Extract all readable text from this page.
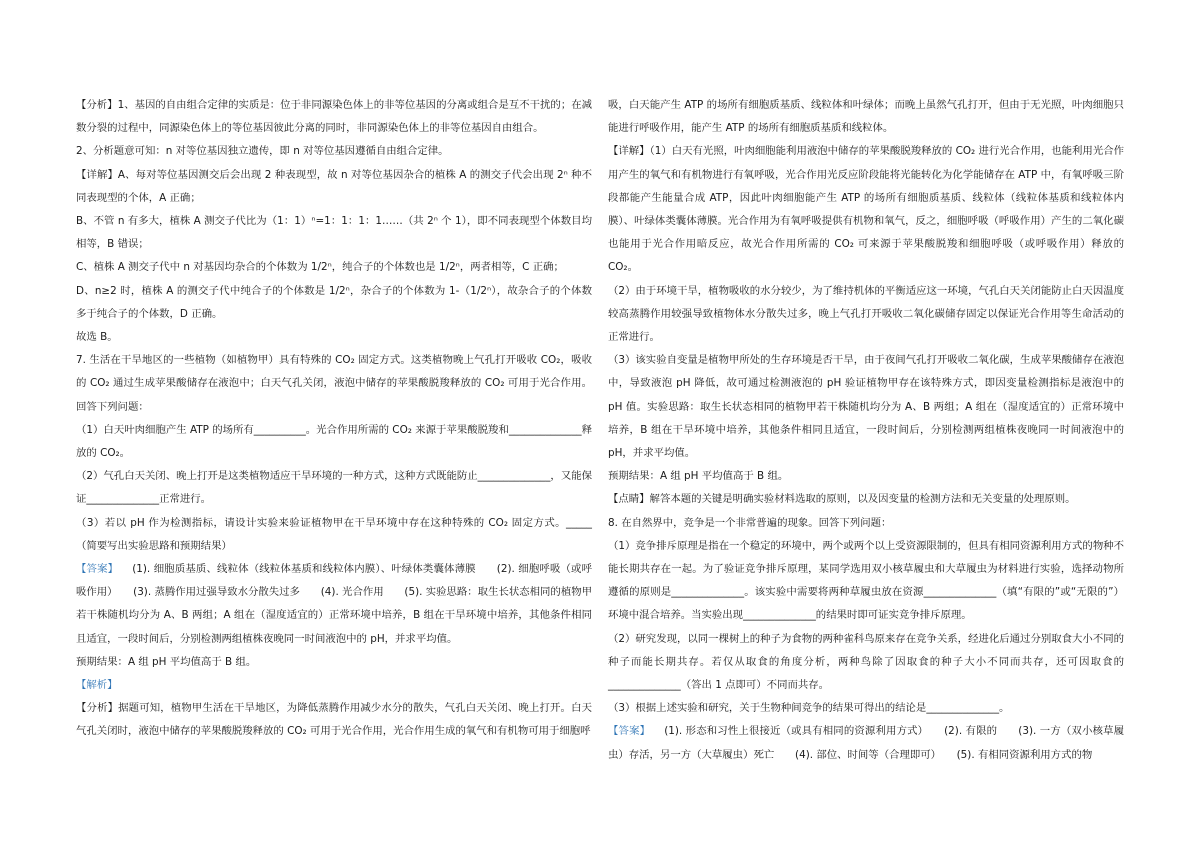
【分析】1、基因的自由组合定律的实质是：位于非同源染色体上的非等位基因的分离或组合是互不干扰的；在减数分裂的过程中，同源染色体上的等位基因彼此分离的同时，非同源染色体上的非等位基因自由组合。

2、分析题意可知：n 对等位基因独立遗传，即 n 对等位基因遵循自由组合定律。

【详解】A、每对等位基因测交后会出现 2 种表现型，故 n 对等位基因杂合的植株 A 的测交子代会出现 2ⁿ 种不同表现型的个体，A 正确；

B、不管 n 有多大，植株 A 测交子代比为（1：1）ⁿ=1：1：1：1……（共 2ⁿ 个 1），即不同表现型个体数目均相等，B 错误；

C、植株 A 测交子代中 n 对基因均杂合的个体数为 1/2ⁿ，纯合子的个体数也是 1/2ⁿ，两者相等，C 正确；

D、n≥2 时，植株 A 的测交子代中纯合子的个体数是 1/2ⁿ，杂合子的个体数为 1-（1/2ⁿ），故杂合子的个体数多于纯合子的个体数，D 正确。

故选 B。

7. 生活在干旱地区的一些植物（如植物甲）具有特殊的 CO₂ 固定方式。这类植物晚上气孔打开吸收 CO₂，吸收的 CO₂ 通过生成苹果酸储存在液泡中；白天气孔关闭，液泡中储存的苹果酸脱羧释放的 CO₂ 可用于光合作用。回答下列问题：

（1）白天叶肉细胞产生 ATP 的场所有__________。光合作用所需的 CO₂ 来源于苹果酸脱羧和______________释放的 CO₂。

（2）气孔白天关闭、晚上打开是这类植物适应干旱环境的一种方式，这种方式既能防止______________，又能保证______________正常进行。

（3）若以 pH 作为检测指标，请设计实验来验证植物甲在干旱环境中存在这种特殊的 CO₂ 固定方式。_____（简要写出实验思路和预期结果）

【答案】 (1). 细胞质基质、线粒体（线粒体基质和线粒体内膜）、叶绿体类囊体薄膜　　(2). 细胞呼吸（或呼吸作用）　　(3). 蒸腾作用过强导致水分散失过多　　(4). 光合作用　　(5). 实验思路：取生长状态相同的植物甲若干株随机均分为 A、B 两组；A 组在（湿度适宜的）正常环境中培养，B 组在干旱环境中培养，其他条件相同且适宜，一段时间后，分别检测两组植株夜晚同一时间液泡中的 pH，并求平均值。

预期结果：A 组 pH 平均值高于 B 组。

【解析】

【分析】据题可知，植物甲生活在干旱地区，为降低蒸腾作用减少水分的散失，气孔白天关闭、晚上打开。白天气孔关闭时，液泡中储存的苹果酸脱羧释放的 CO₂ 可用于光合作用，光合作用生成的氧气和有机物可用于细胞呼

吸，白天能产生 ATP 的场所有细胞质基质、线粒体和叶绿体；而晚上虽然气孔打开，但由于无光照，叶肉细胞只能进行呼吸作用，能产生 ATP 的场所有细胞质基质和线粒体。

【详解】（1）白天有光照，叶肉细胞能利用液泡中储存的苹果酸脱羧释放的 CO₂ 进行光合作用，也能利用光合作用产生的氧气和有机物进行有氧呼吸，光合作用光反应阶段能将光能转化为化学能储存在 ATP 中，有氧呼吸三阶段都能产生能量合成 ATP，因此叶肉细胞能产生 ATP 的场所有细胞质基质、线粒体（线粒体基质和线粒体内膜）、叶绿体类囊体薄膜。光合作用为有氧呼吸提供有机物和氧气，反之，细胞呼吸（呼吸作用）产生的二氧化碳也能用于光合作用暗反应，故光合作用所需的 CO₂ 可来源于苹果酸脱羧和细胞呼吸（或呼吸作用）释放的 CO₂。

（2）由于环境干旱，植物吸收的水分较少，为了维持机体的平衡适应这一环境，气孔白天关闭能防止白天因温度较高蒸腾作用较强导致植物体水分散失过多，晚上气孔打开吸收二氧化碳储存固定以保证光合作用等生命活动的正常进行。

（3）该实验自变量是植物甲所处的生存环境是否干旱，由于夜间气孔打开吸收二氧化碳，生成苹果酸储存在液泡中，导致液泡 pH 降低，故可通过检测液泡的 pH 验证植物甲存在该特殊方式，即因变量检测指标是液泡中的 pH 值。实验思路：取生长状态相同的植物甲若干株随机均分为 A、B 两组；A 组在（湿度适宜的）正常环境中培养，B 组在干旱环境中培养，其他条件相同且适宜，一段时间后，分别检测两组植株夜晚同一时间液泡中的 pH，并求平均值。

预期结果：A 组 pH 平均值高于 B 组。

【点睛】解答本题的关键是明确实验材料选取的原则，以及因变量的检测方法和无关变量的处理原则。

8. 在自然界中，竞争是一个非常普遍的现象。回答下列问题：

（1）竞争排斥原理是指在一个稳定的环境中，两个或两个以上受资源限制的，但具有相同资源利用方式的物种不能长期共存在一起。为了验证竞争排斥原理，某同学选用双小核草履虫和大草履虫为材料进行实验，选择动物所遵循的原则是______________。该实验中需要将两种草履虫放在资源______________（填“有限的”或“无限的”）环境中混合培养。当实验出现______________的结果时即可证实竞争排斥原理。

（2）研究发现，以同一棵树上的种子为食物的两种雀科鸟原来存在竞争关系，经进化后通过分别取食大小不同的种子而能长期共存。若仅从取食的角度分析，两种鸟除了因取食的种子大小不同而共存，还可因取食的______________（答出 1 点即可）不同而共存。

（3）根据上述实验和研究，关于生物种间竞争的结果可得出的结论是______________。

【答案】 (1). 形态和习性上很接近（或具有相同的资源利用方式）　　(2). 有限的　　(3). 一方（双小核草履虫）存活，另一方（大草履虫）死亡　　(4). 部位、时间等（合理即可）　　(5). 有相同资源利用方式的物
